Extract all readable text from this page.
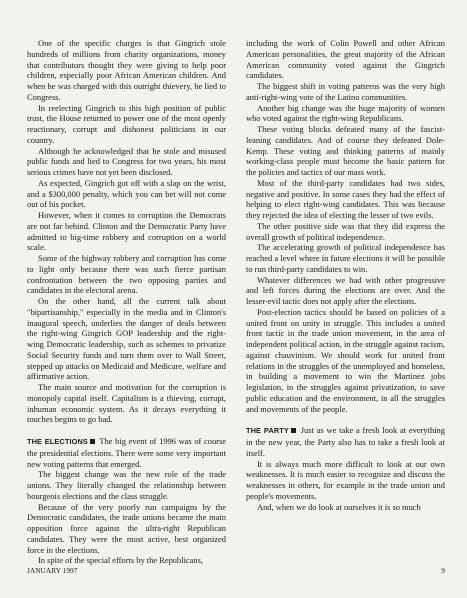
One of the specific charges is that Gingrich stole hundreds of millions from charity organizations, money that contributors thought they were giving to help poor children, especially poor African American children. And when he was charged with this outright thievery, he lied to Congress.

In reelecting Gingrich to this high position of public trust, the House returned to power one of the most openly reactionary, corrupt and dishonest politicians in our country.

Although he acknowledged that he stole and misused public funds and lied to Congress for two years, his most serious crimes have not yet been disclosed.

As expected, Gingrich got off with a slap on the wrist, and a $300,000 penalty, which you can bet will not come out of his pocket.

However, when it comes to corruption the Democrats are not far behind. Clinton and the Democratic Party have admitted to big-time robbery and corruption on a world scale.

Some of the highway robbery and corruption has come to light only because there was such fierce partisan confrontation between the two opposing parties and candidates in the electoral arena.

On the other hand, all the current talk about "bipartisanship," especially in the media and in Clinton's inaugural speech, underlies the danger of deals between the right-wing Gingrich GOP leadership and the right-wing Democratic leadership, such as schemes to privatize Social Security funds and turn them over to Wall Street, stepped up attacks on Medicaid and Medicare, welfare and affirmative action.

The main source and motivation for the corruption is monopoly capital itself. Capitalism is a thieving, corrupt, inhuman economic system. As it decays everything it touches begins to go bad.

THE ELECTIONS The big event of 1996 was of course the presidential elections. There were some very important new voting patterns that emerged.

The biggest change was the new role of the trade unions. They literally changed the relationship between bourgeois elections and the class struggle.

Because of the very poorly run campaigns by the Democratic candidates, the trade unions became the main opposition force against the ultra-right Republican candidates. They were the most active, best organized force in the elections.

In spite of the special efforts by the Republicans,

including the work of Colin Powell and other African American personalities, the great majority of the African American community voted against the Gingrich candidates.

The biggest shift in voting patterns was the very high anti-right-wing vote of the Latino communities.

Another big change was the huge majority of women who voted against the right-wing Republicans.

These voting blocks defeated many of the fascist-leaning candidates. And of course they defeated Dole-Kemp. These voting and thinking patterns of mainly working-class people must become the basic pattern for the policies and tactics of our mass work.

Most of the third-party candidates had two sides, negative and positive. In some cases they had the effect of helping to elect right-wing candidates. This was because they rejected the idea of electing the lesser of two evils.

The other positive side was that they did express the overall growth of political independence.

The accelerating growth of political independence has reached a level where in future elections it will be possible to run third-party candidates to win.

Whatever differences we had with other progressive and left forces during the elections are over. And the lesser-evil tactic does not apply after the elections.

Post-election tactics should be based on policies of a united front on unity in struggle. This includes a united front tactic in the trade union movement, in the area of independent political action, in the struggle against racism, against chauvinism. We should work for united front relations in the struggles of the unemployed and homeless, in building a movement to win the Martinez jobs legislation, in the struggles against privatization, to save public education and the environment, in all the struggles and movements of the people.

THE PARTY Just as we take a fresh look at everything in the new year, the Party also has to take a fresh look at itself.

It is always much more difficult to look at our own weaknesses. It is much easier to recognize and discuss the weaknesses in others, for example in the trade union and people's movements.

And, when we do look at ourselves it is so much

JANUARY 1997	9
